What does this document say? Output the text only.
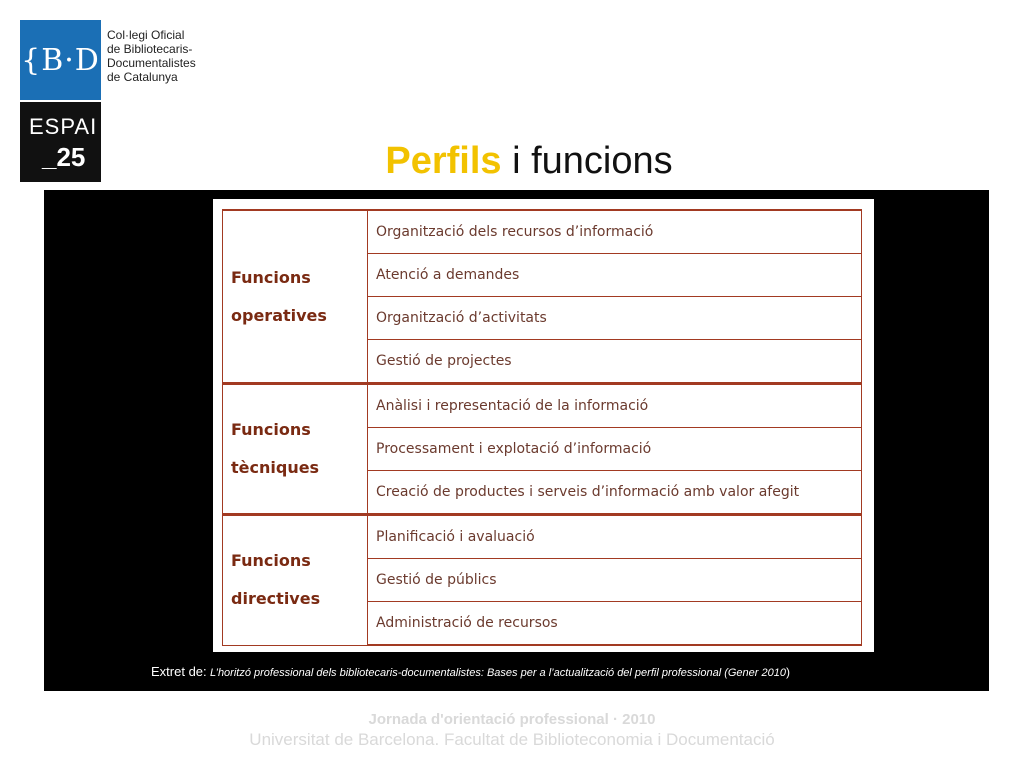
{B·D
Col·legi Oficial
de Bibliotecaris-
Documentalistes
de Catalunya
ESPAI
_25	Perfils i funcions
Funcions
operatives	Organització dels recursos d’informació
	Atenció a demandes
	Organització d’activitats
	Gestió de projectes
Funcions
tècniques	Anàlisi i representació de la informació
	Processament i explotació d’informació
	Creació de productes i serveis d’informació amb valor afegit
Funcions
directives	Planificació i avaluació
	Gestió de públics
	Administració de recursos
Extret de: L’horitzó professional dels bibliotecaris-documentalistes: Bases per a l’actualització del perfil professional (Gener 2010)
Jornada d'orientació professional · 2010
Universitat de Barcelona. Facultat de Biblioteconomia i Documentació
